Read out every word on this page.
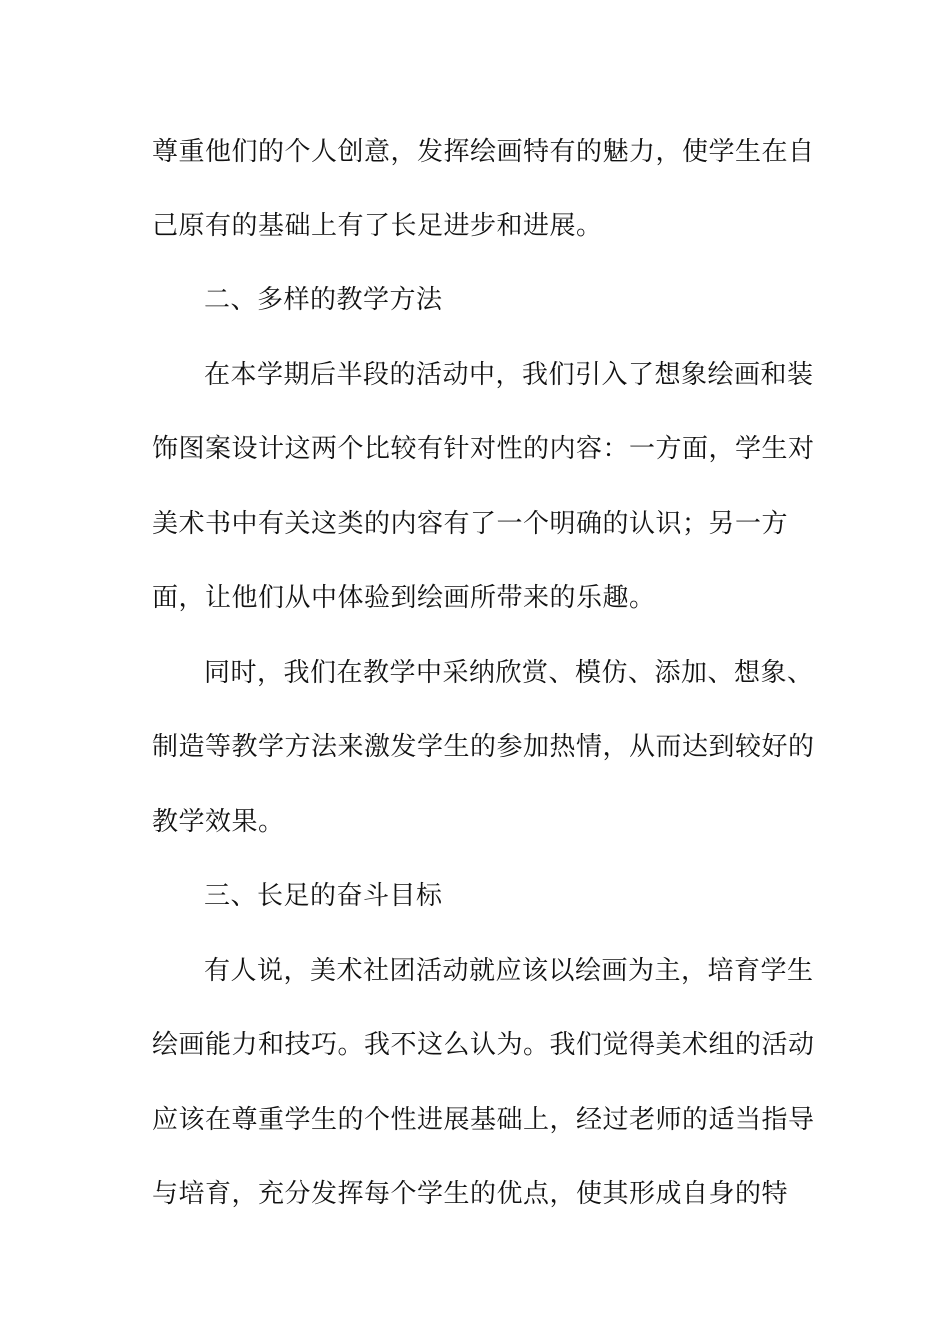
尊重他们的个人创意，发挥绘画特有的魅力，使学生在自
己原有的基础上有了长足进步和进展。
二、多样的教学方法
在本学期后半段的活动中，我们引入了想象绘画和装
饰图案设计这两个比较有针对性的内容：一方面，学生对
美术书中有关这类的内容有了一个明确的认识；另一方
面，让他们从中体验到绘画所带来的乐趣。
同时，我们在教学中采纳欣赏、模仿、添加、想象、
制造等教学方法来激发学生的参加热情，从而达到较好的
教学效果。
三、长足的奋斗目标
有人说，美术社团活动就应该以绘画为主，培育学生
绘画能力和技巧。我不这么认为。我们觉得美术组的活动
应该在尊重学生的个性进展基础上，经过老师的适当指导
与培育，充分发挥每个学生的优点，使其形成自身的特
